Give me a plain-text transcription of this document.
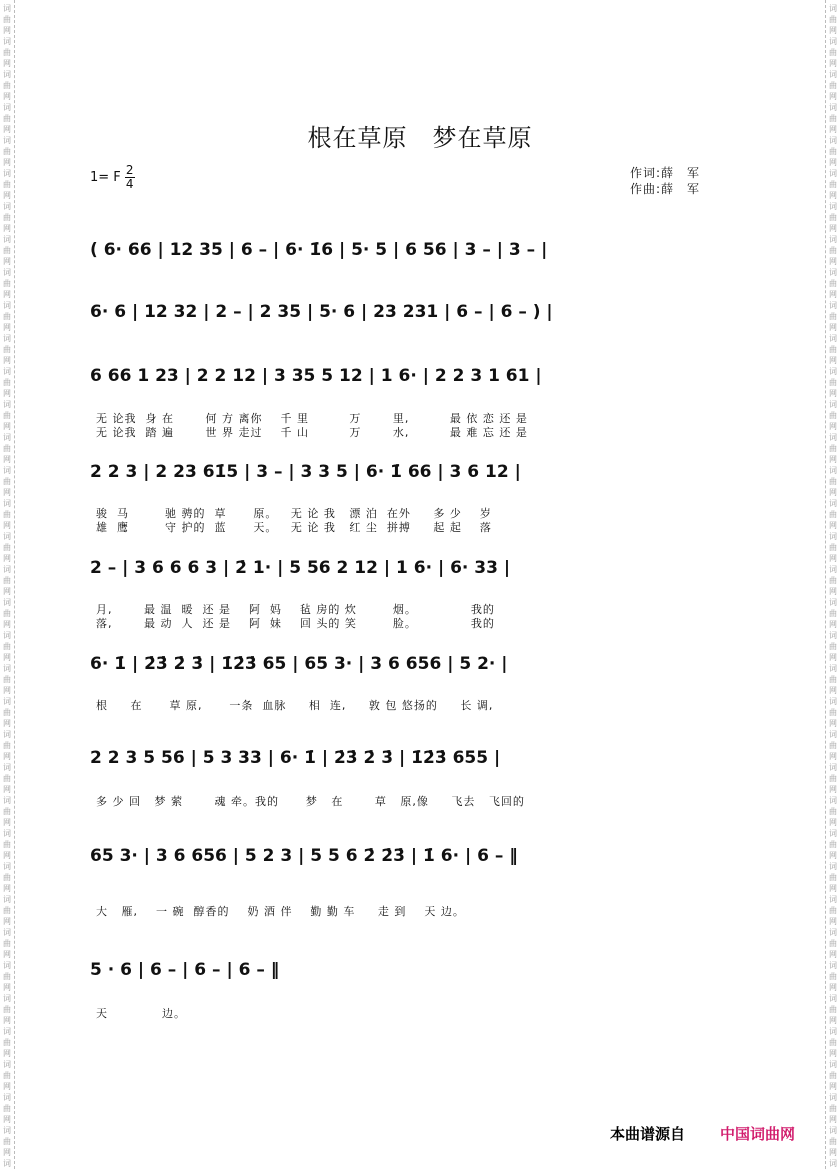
词
曲
网
词
曲
网
词
曲
网
词
曲
网
词
曲
网
词
曲
网
词
曲
网
词
曲
网
词
曲
网
词
曲
网
词
曲
网
词
曲
网
词
曲
网
词
曲
网
词
曲
网
词
曲
网
词
曲
网
词
曲
网
词
曲
网
词
曲
网
词
曲
网
词
曲
网
词
曲
网
词
曲
网
词
曲
网
词
曲
网
词
曲
网
词
曲
网
词
曲
网
词
曲
网
词
曲
网
词
曲
网
词
曲
网
词
曲
网
词
曲
网
词
词
曲
网
词
曲
网
词
曲
网
词
曲
网
词
曲
网
词
曲
网
词
曲
网
词
曲
网
词
曲
网
词
曲
网
词
曲
网
词
曲
网
词
曲
网
词
曲
网
词
曲
网
词
曲
网
词
曲
网
词
曲
网
词
曲
网
词
曲
网
词
曲
网
词
曲
网
词
曲
网
词
曲
网
词
曲
网
词
曲
网
词
曲
网
词
曲
网
词
曲
网
词
曲
网
词
曲
网
词
曲
网
词
曲
网
词
曲
网
词
曲
网
词
根在草原　梦在草原
1= F $\frac{2}{4}$	作词:薛　军
作曲:薛　军
( 6· 66 | 12 35 | 6 – | 6· 1̇6 | 5· 5 | 6 56 | 3 – | 3 – |
6· 6 | 12 32 | 2 – | 2 35 | 5· 6 | 23 231 | 6 – | 6 – ) |
6 66 1 23 | 2 2 12 | 3 35 5 12 | 1 6· | 2 2 3 1 61 |
2 2 3 | 2 23 61̇5 | 3 – | 3 3 5 | 6· 1̇ 66 | 3 6 12 |
2 – | 3 6 6 6 3 | 2̇ 1· | 5 56 2 12 | 1 6· | 6· 33 |
6· 1̇ | 2̇3̇ 2̇ 3̇ | 1̇2̇3̇ 65 | 65 3· | 3 6 656 | 5 2· |
2 2 3 5 56 | 5 3 33 | 6· 1̇ | 2̇3̇ 2̇ 3̇ | 1̇2̇3̇ 655 |
65 3· | 3 6 656 | 5 2 3 | 5 5 6 2̇ 2̇3̇ | 1̇ 6· | 6 – ‖
5 · 6 | 6 – | 6 – | 6 – ‖
无 论我  身 在       何 方 离你    千 里         万       里,         最 依 恋 还 是
无 论我  踏 遍       世 界 走过    千 山         万       水,         最 难 忘 还 是
骏  马        驰 骋的  草      原。   无 论 我   漂 泊  在外     多 少    岁
雄  鹰        守 护的  蓝      天。   无 论 我   红 尘  拼搏     起 起    落
月,       最 温  暖  还 是    阿  妈    毡 房的 炊        烟。            我的
落,       最 动  人  还 是    阿  妹    回 头的 笑        脸。            我的
根     在      草 原,      一条  血脉     相  连,     敦 包 悠扬的     长 调,
多 少 回   梦 萦       魂 牵。我的      梦   在       草   原,像     飞去   飞回的
大   雁,    一 碗  醇香的    奶 酒 伴    勤 勤 车     走 到    天 边。
天            边。
本曲谱源自 中国词曲网
